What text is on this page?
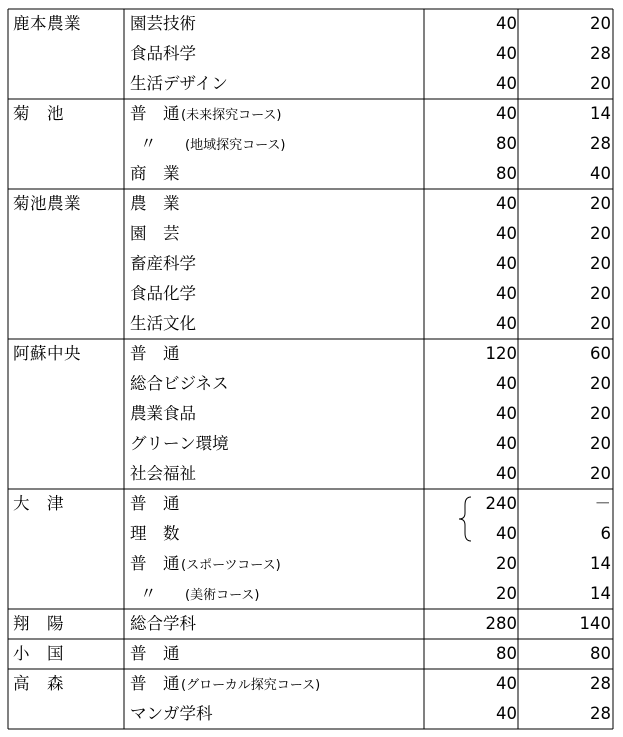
鹿本農業	園芸技術	40	20
食品科学	40	28
生活デザイン	40	20
菊　池	普　通 (未来探究コース)	40	14
〃 (地域探究コース)	80	28
商　業	80	40
菊池農業	農　業	40	20
園　芸	40	20
畜産科学	40	20
食品化学	40	20
生活文化	40	20
阿蘇中央	普　通	120	60
総合ビジネス	40	20
農業食品	40	20
グリーン環境	40	20
社会福祉	40	20
大　津	普　通	240	－
理　数	40	6
普　通 (スポーツコース)	20	14
〃 (美術コース)	20	14
翔　陽	総合学科	280	140
小　国	普　通	80	80
高　森	普　通 (グローカル探究コース)	40	28
マンガ学科	40	28
